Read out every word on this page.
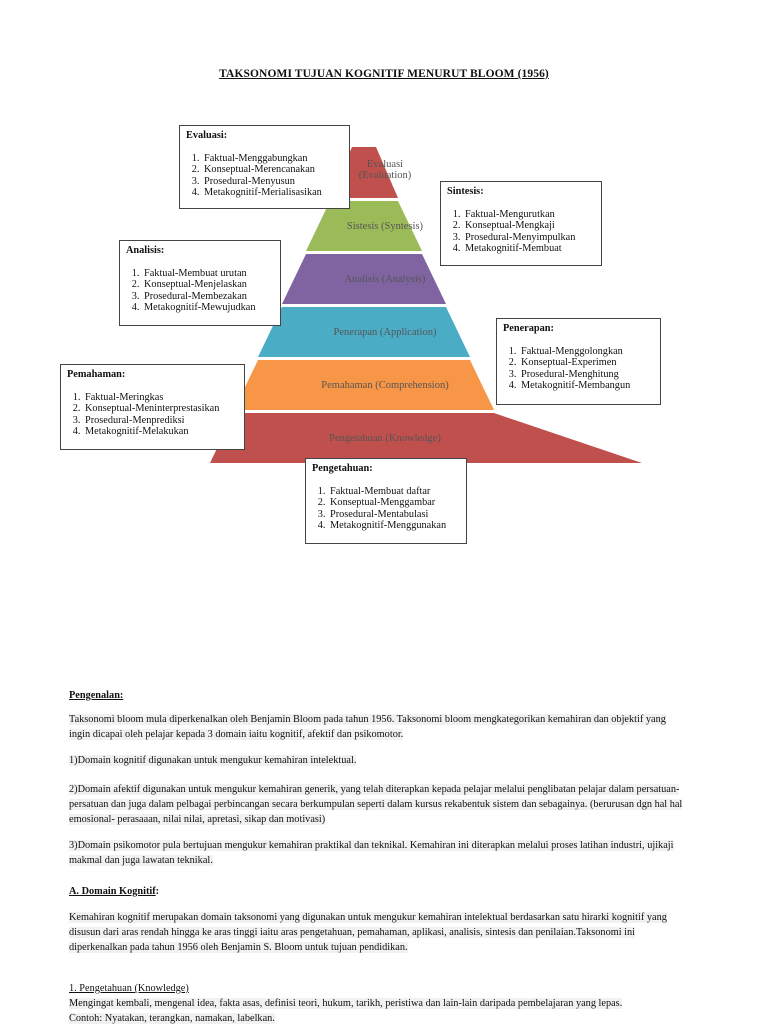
TAKSONOMI TUJUAN KOGNITIF MENURUT BLOOM (1956)
Evaluasi
(Evaluation)
Sistesis (Syntesis)
Analisis (Analysis)
Penerapan (Application)
Pemahaman (Comprehension)
Pengetahuan (Knowledge)
Evaluasi:
1. Faktual-Menggabungkan
2. Konseptual-Merencanakan
3. Prosedural-Menyusun
4. Metakognitif-Merialisasikan	Sintesis:
1. Faktual-Mengurutkan
2. Konseptual-Mengkaji
3. Prosedural-Menyimpulkan
4. Metakognitif-Membuat
Analisis:
1. Faktual-Membuat urutan
2. Konseptual-Menjelaskan
3. Prosedural-Membezakan
4. Metakognitif-Mewujudkan
Penerapan:
1. Faktual-Menggolongkan
2. Konseptual-Experimen
3. Prosedural-Menghitung
4. Metakognitif-Membangun
Pemahaman:
1. Faktual-Meringkas
2. Konseptual-Meninterprestasikan
3. Prosedural-Menprediksi
4. Metakognitif-Melakukan
Pengetahuan:
1. Faktual-Membuat daftar
2. Konseptual-Menggambar
3. Prosedural-Mentabulasi
4. Metakognitif-Menggunakan

Pengenalan:

Taksonomi bloom mula diperkenalkan oleh Benjamin Bloom pada tahun 1956. Taksonomi bloom mengkategorikan kemahiran dan objektif yang ingin dicapai oleh pelajar kepada 3 domain iaitu kognitif, afektif dan psikomotor.

1)Domain kognitif digunakan untuk mengukur kemahiran intelektual.

2)Domain afektif digunakan untuk mengukur kemahiran generik, yang telah diterapkan kepada pelajar melalui penglibatan pelajar dalam persatuan-persatuan dan juga dalam pelbagai perbincangan secara berkumpulan seperti dalam kursus rekabentuk sistem dan sebagainya. (berurusan dgn hal hal emosional- perasaaan, nilai nilai, apretasi, sikap dan motivasi)

3)Domain psikomotor pula bertujuan mengukur kemahiran praktikal dan teknikal. Kemahiran ini diterapkan melalui proses latihan industri, ujikaji makmal dan juga lawatan teknikal.

A. Domain Kognitif:

Kemahiran kognitif merupakan domain taksonomi yang digunakan untuk mengukur kemahiran intelektual berdasarkan satu hirarki kognitif yang disusun dari aras rendah hingga ke aras tinggi iaitu aras pengetahuan, pemahaman, aplikasi, analisis, sintesis dan penilaian.Taksonomi ini diperkenalkan pada tahun 1956 oleh Benjamin S. Bloom untuk tujuan pendidikan.

1. Pengetahuan (Knowledge)

Mengingat kembali, mengenal idea, fakta asas, definisi teori, hukum, tarikh, peristiwa dan lain-lain daripada pembelajaran yang lepas.

Contoh: Nyatakan, terangkan, namakan, labelkan.
